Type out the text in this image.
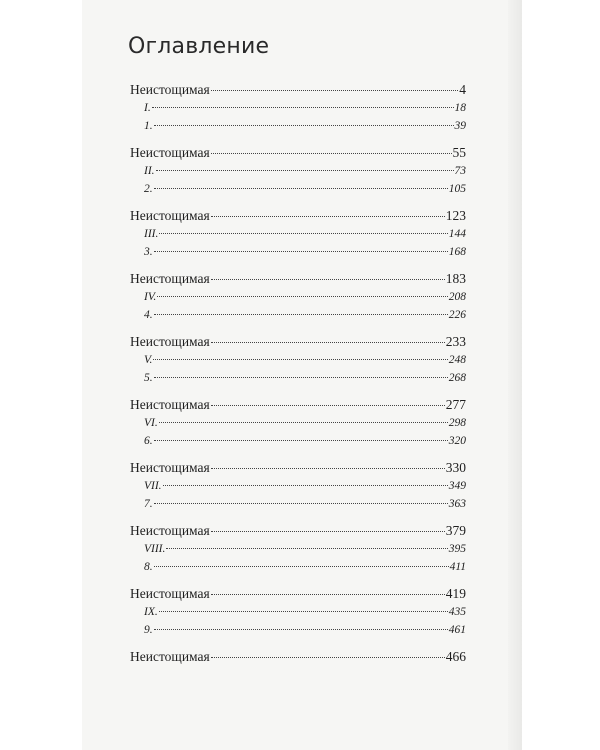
Оглавление
Неистощимая	4
I.	18
1.	39
Неистощимая	55
II.	73
2.	105
Неистощимая	123
III.	144
3.	168
Неистощимая	183
IV.	208
4.	226
Неистощимая	233
V.	248
5.	268
Неистощимая	277
VI.	298
6.	320
Неистощимая	330
VII.	349
7.	363
Неистощимая	379
VIII.	395
8.	411
Неистощимая	419
IX.	435
9.	461
Неистощимая	466
